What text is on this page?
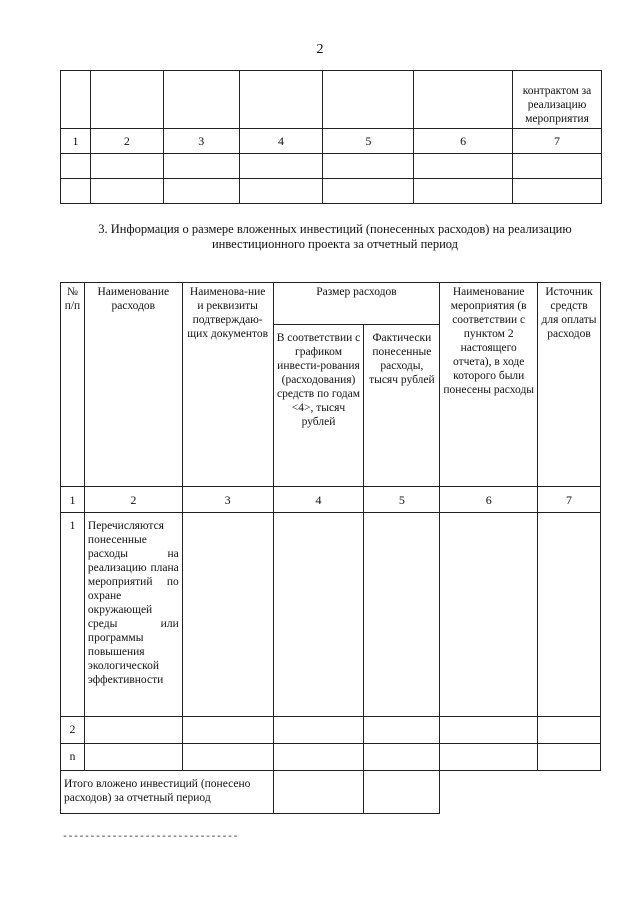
2
						контрактом за реализацию мероприятия
1	2	3	4	5	6	7

3. Информация о размере вложенных инвестиций (понесенных расходов) на реализацию инвестиционного проекта за отчетный период
№ п/п	Наименование расходов	Наименова-ние и реквизиты подтверждаю-щих документов	Размер расходов		Наименование мероприятия (в соответствии с пунктом 2 настоящего отчета), в ходе которого были понесены расходы	Источник средств для оплаты расходов
			В соответствии с графиком инвести-рования (расходования) средств по годам <4>, тысяч рублей	Фактически понесенные расходы, тысяч рублей		
1	2	3	4	5	6	7
1	Перечисляются понесенные расходы на реализацию плана мероприятий по охране окружающей среды или программы повышения экологической эффективности					
2						
n						
Итого вложено инвестиций (понесено расходов) за отчетный период						
--------------------------------
